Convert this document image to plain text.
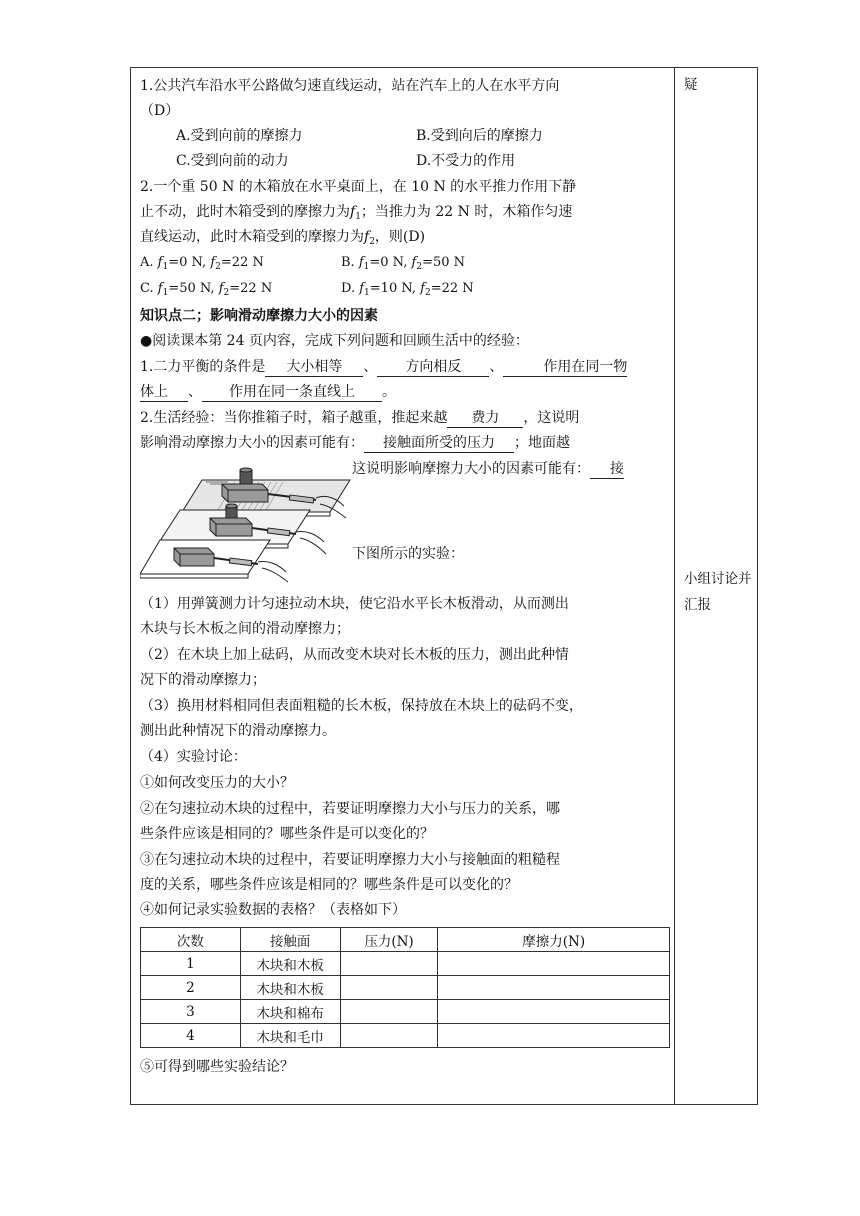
疑
小组讨论并汇报
1.公共汽车沿水平公路做匀速直线运动，站在汽车上的人在水平方向
（D）
A.受到向前的摩擦力	B.受到向后的摩擦力
C.受到向前的动力	D.不受力的作用
2.一个重 50 N 的木箱放在水平桌面上，在 10 N 的水平推力作用下静
止不动，此时木箱受到的摩擦力为$f_1$；当推力为 22 N 时，木箱作匀速
直线运动，此时木箱受到的摩擦力为$f_2$，则(D)
A. $f_1=0$ N, $f_2=22$ N	B. $f_1=0$ N, $f_2=50$ N
C. $f_1=50$ N, $f_2=22$ N	D. $f_1=10$ N, $f_2=22$ N
知识点二；影响滑动摩擦力大小的因素
●阅读课本第 24 页内容，完成下列问题和回顾生活中的经验：
1.二力平衡的条件是 大小相等 、 方向相反 、	作用在同一物
体上 、 作用在同一条直线上 。
2.生活经验：当你推箱子时，箱子越重，推起来越 费力 ，这说明
影响滑动摩擦力大小的因素可能有： 接触面所受的压力 ；地面越
这说明影响摩擦力大小的因素可能有： 接
下图所示的实验：
（1）用弹簧测力计匀速拉动木块，使它沿水平长木板滑动，从而测出
木块与长木板之间的滑动摩擦力；
（2）在木块上加上砝码，从而改变木块对长木板的压力，测出此种情
况下的滑动摩擦力；
（3）换用材料相同但表面粗糙的长木板，保持放在木块上的砝码不变，
测出此种情况下的滑动摩擦力。
（4）实验讨论：
①如何改变压力的大小？
②在匀速拉动木块的过程中，若要证明摩擦力大小与压力的关系，哪
些条件应该是相同的？哪些条件是可以变化的？
③在匀速拉动木块的过程中，若要证明摩擦力大小与接触面的粗糙程
度的关系，哪些条件应该是相同的？哪些条件是可以变化的？
④如何记录实验数据的表格？（表格如下）
次数	接触面	压力(N)	摩擦力(N)
1	木块和木板		
2	木块和木板		
3	木块和棉布		
4	木块和毛巾		
⑤可得到哪些实验结论？
